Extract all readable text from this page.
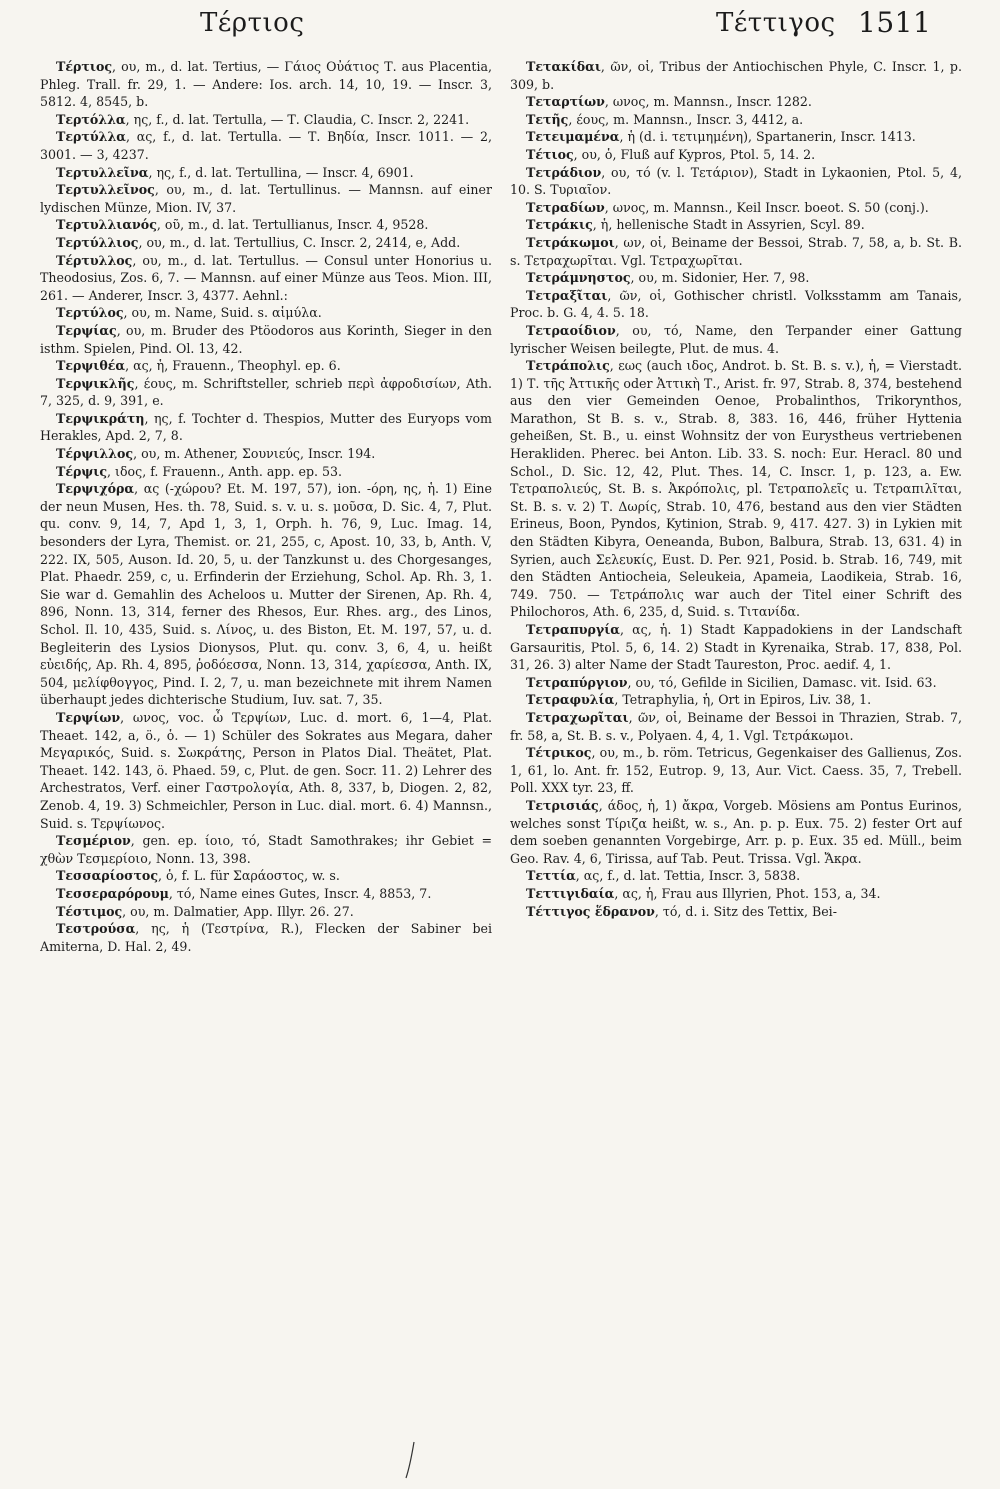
Τέρτιος	Τέττιγος 1511

Τέρτιος, ου, m., d. lat. Tertius, — Γάιος Οὐάτιος Τ. aus Placentia, Phleg. Trall. fr. 29, 1. — Andere: Ios. arch. 14, 10, 19. — Inscr. 3, 5812. 4, 8545, b.

Τερτόλλα, ης, f., d. lat. Tertulla, — Τ. Claudia, C. Inscr. 2, 2241.

Τερτύλλα, ας, f., d. lat. Tertulla. — Τ. Βηδία, Inscr. 1011. — 2, 3001. — 3, 4237.

Τερτυλλεῖνα, ης, f., d. lat. Tertullina, — Inscr. 4, 6901.

Τερτυλλεῖνος, ου, m., d. lat. Tertullinus. — Mannsn. auf einer lydischen Münze, Mion. IV, 37.

Τερτυλλιανός, οῦ, m., d. lat. Tertullianus, Inscr. 4, 9528.

Τερτύλλιος, ου, m., d. lat. Tertullius, C. Inscr. 2, 2414, e, Add.

Τέρτυλλος, ου, m., d. lat. Tertullus. — Consul unter Honorius u. Theodosius, Zos. 6, 7. — Mannsn. auf einer Münze aus Teos. Mion. III, 261. — Anderer, Inscr. 3, 4377. Aehnl.:

Τερτύλος, ου, m. Name, Suid. s. αἱμύλα.

Τερψίας, ου, m. Bruder des Ptöodoros aus Korinth, Sieger in den isthm. Spielen, Pind. Ol. 13, 42.

Τερψιθέα, ας, ἡ, Frauenn., Theophyl. ep. 6.

Τερψικλῆς, έους, m. Schriftsteller, schrieb περὶ ἀφροδισίων, Ath. 7, 325, d. 9, 391, e.

Τερψικράτη, ης, f. Tochter d. Thespios, Mutter des Euryops vom Herakles, Apd. 2, 7, 8.

Τέρψιλλος, ου, m. Athener, Σουνιεύς, Inscr. 194.

Τέρψις, ιδος, f. Frauenn., Anth. app. ep. 53.

Τερψιχόρα, ας (-χώρου? Et. M. 197, 57), ion. -όρη, ης, ἡ. 1) Eine der neun Musen, Hes. th. 78, Suid. s. v. u. s. μοῦσα, D. Sic. 4, 7, Plut. qu. conv. 9, 14, 7, Apd 1, 3, 1, Orph. h. 76, 9, Luc. Imag. 14, besonders der Lyra, Themist. or. 21, 255, c, Apost. 10, 33, b, Anth. V, 222. IX, 505, Auson. Id. 20, 5, u. der Tanzkunst u. des Chorgesanges, Plat. Phaedr. 259, c, u. Erfinderin der Erziehung, Schol. Ap. Rh. 3, 1. Sie war d. Gemahlin des Acheloos u. Mutter der Sirenen, Ap. Rh. 4, 896, Nonn. 13, 314, ferner des Rhesos, Eur. Rhes. arg., des Linos, Schol. Il. 10, 435, Suid. s. Λίνος, u. des Biston, Et. M. 197, 57, u. d. Begleiterin des Lysios Dionysos, Plut. qu. conv. 3, 6, 4, u. heißt εὐειδής, Ap. Rh. 4, 895, ῥοδόεσσα, Nonn. 13, 314, χαρίεσσα, Anth. IX, 504, μελίφθογγος, Pind. I. 2, 7, u. man bezeichnete mit ihrem Namen überhaupt jedes dichterische Studium, Iuv. sat. 7, 35.

Τερψίων, ωνος, voc. ὦ Τερψίων, Luc. d. mort. 6, 1—4, Plat. Theaet. 142, a, ö., ὁ. — 1) Schüler des Sokrates aus Megara, daher Μεγαρικός, Suid. s. Σωκράτης, Person in Platos Dial. Theätet, Plat. Theaet. 142. 143, ö. Phaed. 59, c, Plut. de gen. Socr. 11. 2) Lehrer des Archestratos, Verf. einer Γαστρολογία, Ath. 8, 337, b, Diogen. 2, 82, Zenob. 4, 19. 3) Schmeichler, Person in Luc. dial. mort. 6. 4) Mannsn., Suid. s. Τερψίωνος.

Τεσμέριον, gen. ep. ίοιο, τό, Stadt Samothrakes; ihr Gebiet = χθὼν Τεσμερίοιο, Nonn. 13, 398.

Τεσσαρίοστος, ὁ, f. L. für Σαράοστος, w. s.

Τεσσεραρόρουμ, τό, Name eines Gutes, Inscr. 4, 8853, 7.

Τέστιμος, ου, m. Dalmatier, App. Illyr. 26. 27.

Τεστρούσα, ης, ἡ (Τεστρίνα, R.), Flecken der Sabiner bei Amiterna, D. Hal. 2, 49.

Τετακίδαι, ῶν, οἱ, Tribus der Antiochischen Phyle, C. Inscr. 1, p. 309, b.

Τεταρτίων, ωνος, m. Mannsn., Inscr. 1282.

Τετῆς, έους, m. Mannsn., Inscr. 3, 4412, a.

Τετειμαμένα, ἡ (d. i. τετιμημένη), Spartanerin, Inscr. 1413.

Τέτιος, ου, ὁ, Fluß auf Kypros, Ptol. 5, 14. 2.

Τετράδιον, ου, τό (v. l. Τετάριον), Stadt in Lykaonien, Ptol. 5, 4, 10. S. Τυριαῖον.

Τετραδίων, ωνος, m. Mannsn., Keil Inscr. boeot. S. 50 (conj.).

Τετράκις, ἡ, hellenische Stadt in Assyrien, Scyl. 89.

Τετράκωμοι, ων, οἱ, Beiname der Bessoi, Strab. 7, 58, a, b. St. B. s. Τετραχωρῖται. Vgl. Τετραχωρῖται.

Τετράμνηστος, ου, m. Sidonier, Her. 7, 98.

Τετραξῖται, ῶν, οἱ, Gothischer christl. Volksstamm am Tanais, Proc. b. G. 4, 4. 5. 18.

Τετραοίδιον, ου, τό, Name, den Terpander einer Gattung lyrischer Weisen beilegte, Plut. de mus. 4.

Τετράπολις, εως (auch ιδος, Androt. b. St. B. s. v.), ἡ, = Vierstadt. 1) Τ. τῆς Ἀττικῆς oder Ἀττικὴ Τ., Arist. fr. 97, Strab. 8, 374, bestehend aus den vier Gemeinden Oenoe, Probalinthos, Trikorynthos, Marathon, St B. s. v., Strab. 8, 383. 16, 446, früher Hyttenia geheißen, St. B., u. einst Wohnsitz der von Eurystheus vertriebenen Herakliden. Pherec. bei Anton. Lib. 33. S. noch: Eur. Heracl. 80 und Schol., D. Sic. 12, 42, Plut. Thes. 14, C. Inscr. 1, p. 123, a. Ew. Τετραπολιεύς, St. B. s. Ἀκρόπολις, pl. Τετραπολεῖς u. Τετραπιλῖται, St. B. s. v. 2) Τ. Δωρίς, Strab. 10, 476, bestand aus den vier Städten Erineus, Boon, Pyndos, Kytinion, Strab. 9, 417. 427. 3) in Lykien mit den Städten Kibyra, Oeneanda, Bubon, Balbura, Strab. 13, 631. 4) in Syrien, auch Σελευκίς, Eust. D. Per. 921, Posid. b. Strab. 16, 749, mit den Städten Antiocheia, Seleukeia, Apameia, Laodikeia, Strab. 16, 749. 750. — Τετράπολις war auch der Titel einer Schrift des Philochoros, Ath. 6, 235, d, Suid. s. Τιτανίδα.

Τετραπυργία, ας, ἡ. 1) Stadt Kappadokiens in der Landschaft Garsauritis, Ptol. 5, 6, 14. 2) Stadt in Kyrenaika, Strab. 17, 838, Pol. 31, 26. 3) alter Name der Stadt Taureston, Proc. aedif. 4, 1.

Τετραπύργιον, ου, τό, Gefilde in Sicilien, Damasc. vit. Isid. 63.

Τετραφυλία, Tetraphylia, ἡ, Ort in Epiros, Liv. 38, 1.

Τετραχωρῖται, ῶν, οἱ, Beiname der Bessoi in Thrazien, Strab. 7, fr. 58, a, St. B. s. v., Polyaen. 4, 4, 1. Vgl. Τετράκωμοι.

Τέτρικος, ου, m., b. röm. Tetricus, Gegenkaiser des Gallienus, Zos. 1, 61, lo. Ant. fr. 152, Eutrop. 9, 13, Aur. Vict. Caess. 35, 7, Trebell. Poll. XXX tyr. 23, ff.

Τετρισιάς, άδος, ἡ, 1) ἄκρα, Vorgeb. Mösiens am Pontus Eurinos, welches sonst Τίριζα heißt, w. s., An. p. p. Eux. 75. 2) fester Ort auf dem soeben genannten Vorgebirge, Arr. p. p. Eux. 35 ed. Müll., beim Geo. Rav. 4, 6, Tirissa, auf Tab. Peut. Trissa. Vgl. Ἄκρα.

Τεττία, ας, f., d. lat. Tettia, Inscr. 3, 5838.

Τεττιγιδαία, ας, ἡ, Frau aus Illyrien, Phot. 153, a, 34.

Τέττιγος ἕδρανον, τό, d. i. Sitz des Tettix, Bei-
